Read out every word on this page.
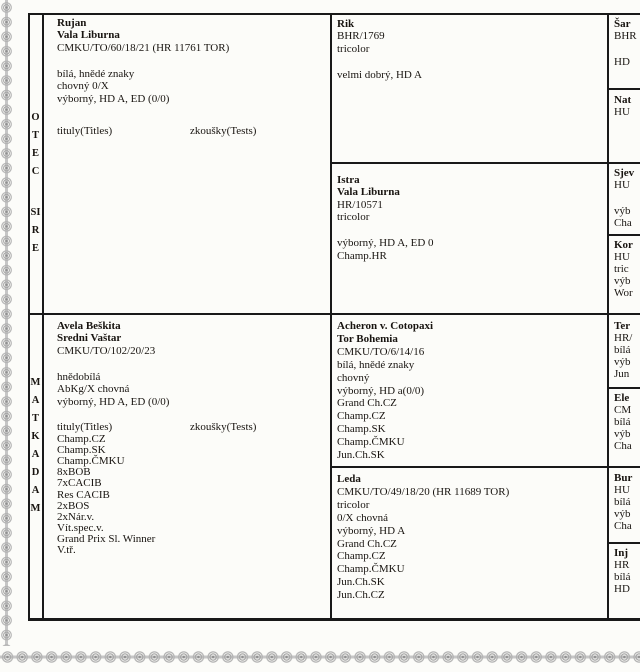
OTEC
SIRE
MATKA
DAM
Rujan
Vala Liburna
CMKU/TO/60/18/21 (HR 11761 TOR)
bílá, hnědé znaky
chovný 0/X
výborný, HD A, ED (0/0)
tituly(Titles)	zkoušky(Tests)
Rik
BHR/1769
tricolor
velmi dobrý, HD A
Istra
Vala Liburna
HR/10571
tricolor
výborný, HD A, ED 0
Champ.HR
Avela Beškita
Sredni Vaštar
CMKU/TO/102/20/23
hnědobílá
AbKg/X chovná
výborný, HD A, ED (0/0)
tituly(Titles)	zkoušky(Tests)
Champ.CZ
Champ.SK
Champ.ČMKU
8xBOB
7xCACIB
Res CACIB
2xBOS
2xNár.v.
Vít.spec.v.
Grand Prix Sl. Winner
V.tř.
Acheron v. Cotopaxi
Tor Bohemia
CMKU/TO/6/14/16
bílá, hnědé znaky
chovný
výborný, HD a(0/0)
Grand Ch.CZ
Champ.CZ
Champ.SK
Champ.ČMKU
Jun.Ch.SK
Leda
CMKU/TO/49/18/20 (HR 11689 TOR)
tricolor
0/X chovná
výborný, HD A
Grand Ch.CZ
Champ.CZ
Champ.ČMKU
Jun.Ch.SK
Jun.Ch.CZ
Šar
BHR
HD
Nat
HU
Sjev
HU
výb
Cha
Kor
HU
tric
výb
Wor
Ter
HR/
bílá
výb
Jun
Ele
CM
bílá
výb
Cha
Bur
HU
bílá
výb
Cha
Inj
HR
bílá
HD
